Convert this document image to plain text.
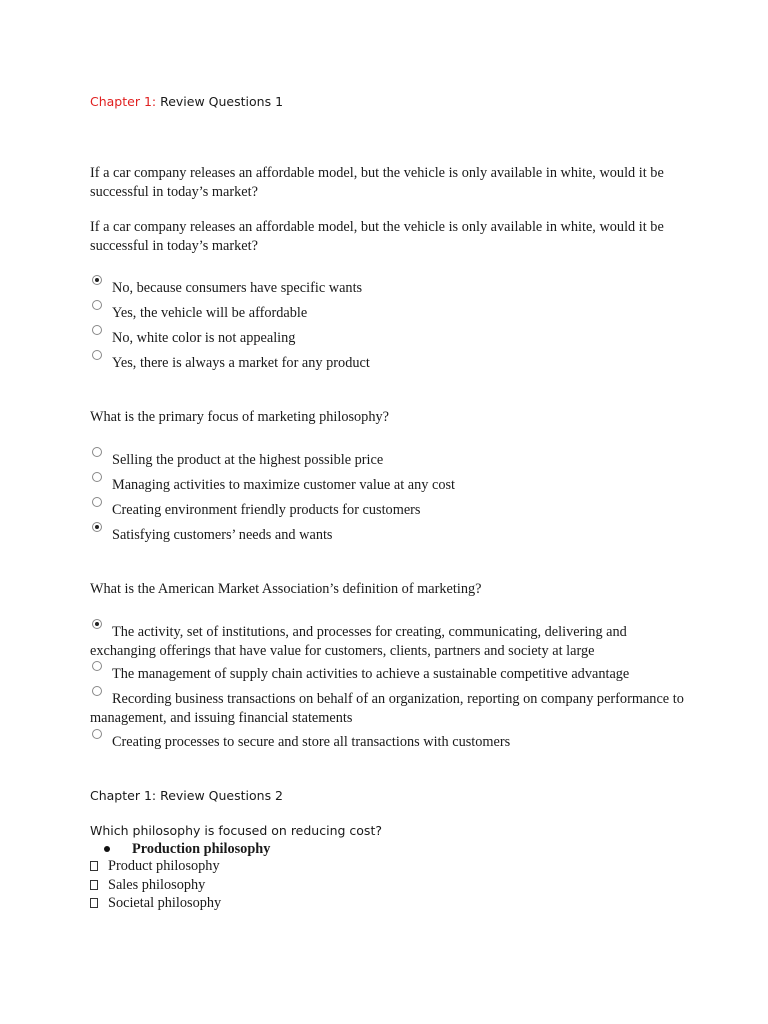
Chapter 1: Review Questions 1
If a car company releases an affordable model, but the vehicle is only available in white, would it be successful in today’s market?
If a car company releases an affordable model, but the vehicle is only available in white, would it be successful in today’s market?
No, because consumers have specific wants
Yes, the vehicle will be affordable
No, white color is not appealing
Yes, there is always a market for any product
What is the primary focus of marketing philosophy?
Selling the product at the highest possible price
Managing activities to maximize customer value at any cost
Creating environment friendly products for customers
Satisfying customers’ needs and wants
What is the American Market Association’s definition of marketing?
The activity, set of institutions, and processes for creating, communicating, delivering and exchanging offerings that have value for customers, clients, partners and society at large
The management of supply chain activities to achieve a sustainable competitive advantage
Recording business transactions on behalf of an organization, reporting on company performance to management, and issuing financial statements
Creating processes to secure and store all transactions with customers
Chapter 1: Review Questions 2
Which philosophy is focused on reducing cost?
Production philosophy
Product philosophy
Sales philosophy
Societal philosophy
